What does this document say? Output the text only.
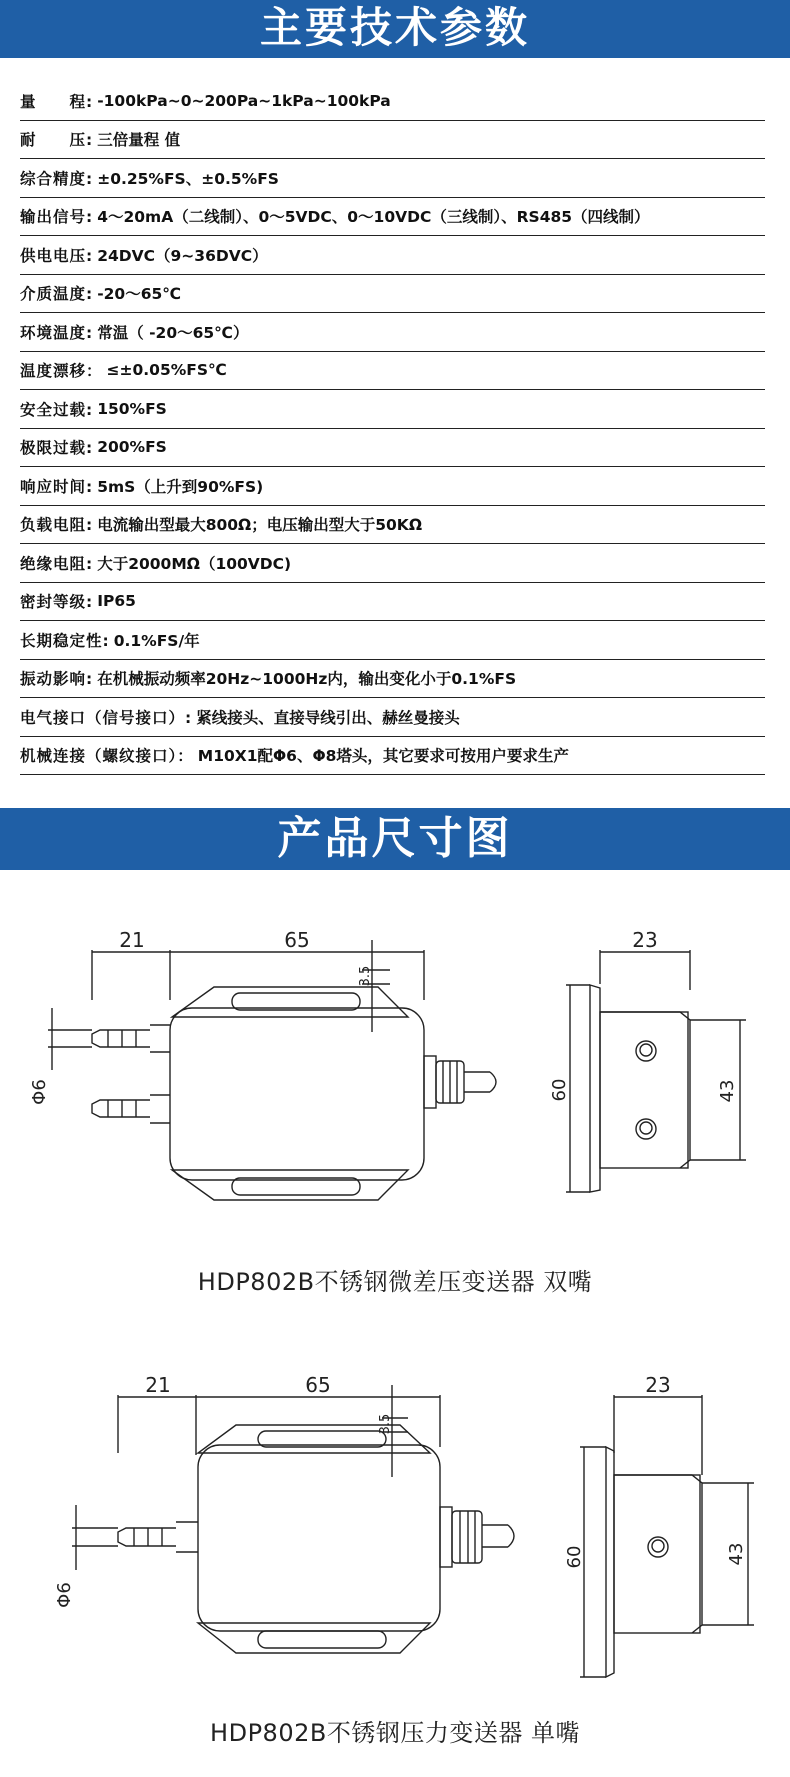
主要技术参数
量　　程: -100kPa~0~200Pa~1kPa~100kPa
耐　　压: 三倍量程 值
综合精度: ±0.25%FS、±0.5%FS
输出信号: 4～20mA（二线制）、0～5VDC、0～10VDC（三线制）、RS485（四线制）
供电电压: 24DVC（9~36DVC）
介质温度: -20～65℃
环境温度: 常温（ -20～65℃）
温度漂移： ≤±0.05%FS℃
安全过载: 150%FS
极限过载: 200%FS
响应时间: 5mS（上升到90%FS)
负载电阻: 电流输出型最大800Ω；电压输出型大于50KΩ
绝缘电阻: 大于2000MΩ（100VDC)
密封等级: IP65
长期稳定性: 0.1%FS/年
振动影响: 在机械振动频率20Hz~1000Hz内，输出变化小于0.1%FS
电气接口（信号接口）: 紧线接头、直接导线引出、赫丝曼接头
机械连接（螺纹接口）： M10X1配Φ6、Φ8塔头，其它要求可按用户要求生产
产品尺寸图
21	65
3.5
Φ6
23
60	43
21	65
3.5
Φ6
23
60	43
HDP802B不锈钢微差压变送器 双嘴
HDP802B不锈钢压力变送器 单嘴
